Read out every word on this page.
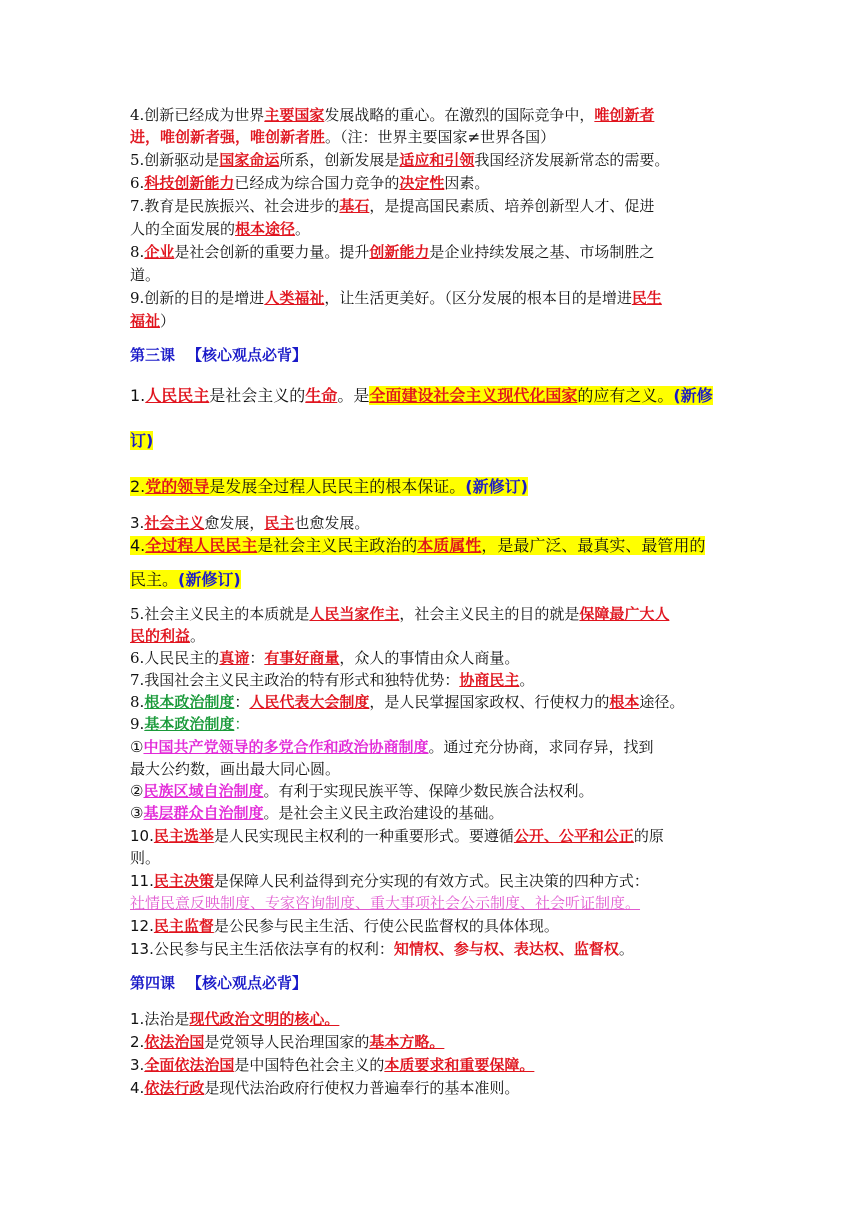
4.创新已经成为世界主要国家发展战略的重心。在激烈的国际竞争中，唯创新者
进，唯创新者强，唯创新者胜。（注：世界主要国家≠世界各国）
5.创新驱动是国家命运所系，创新发展是适应和引领我国经济发展新常态的需要。
6.科技创新能力已经成为综合国力竞争的决定性因素。
7.教育是民族振兴、社会进步的基石，是提高国民素质、培养创新型人才、促进
人的全面发展的根本途径。
8.企业是社会创新的重要力量。提升创新能力是企业持续发展之基、市场制胜之
道。
9.创新的目的是增进人类福祉，让生活更美好。（区分发展的根本目的是增进民生
福祉）
第三课 【核心观点必背】
1.人民民主是社会主义的生命。是全面建设社会主义现代化国家的应有之义。(新修
订)
2.党的领导是发展全过程人民民主的根本保证。(新修订)
3.社会主义愈发展，民主也愈发展。
4.全过程人民民主是社会主义民主政治的本质属性，是最广泛、最真实、最管用的
民主。(新修订)
5.社会主义民主的本质就是人民当家作主，社会主义民主的目的就是保障最广大人
民的利益。
6.人民民主的真谛：有事好商量，众人的事情由众人商量。
7.我国社会主义民主政治的特有形式和独特优势：协商民主。
8.根本政治制度：人民代表大会制度，是人民掌握国家政权、行使权力的根本途径。
9.基本政治制度：
①中国共产党领导的多党合作和政治协商制度。通过充分协商，求同存异，找到
最大公约数，画出最大同心圆。
②民族区域自治制度。有利于实现民族平等、保障少数民族合法权利。
③基层群众自治制度。是社会主义民主政治建设的基础。
10.民主选举是人民实现民主权利的一种重要形式。要遵循公开、公平和公正的原
则。
11.民主决策是保障人民利益得到充分实现的有效方式。民主决策的四种方式：
社情民意反映制度、专家咨询制度、重大事项社会公示制度、社会听证制度。
12.民主监督是公民参与民主生活、行使公民监督权的具体体现。
13.公民参与民主生活依法享有的权利：知情权、参与权、表达权、监督权。
第四课 【核心观点必背】
1.法治是现代政治文明的核心。
2.依法治国是党领导人民治理国家的基本方略。
3.全面依法治国是中国特色社会主义的本质要求和重要保障。
4.依法行政是现代法治政府行使权力普遍奉行的基本准则。
